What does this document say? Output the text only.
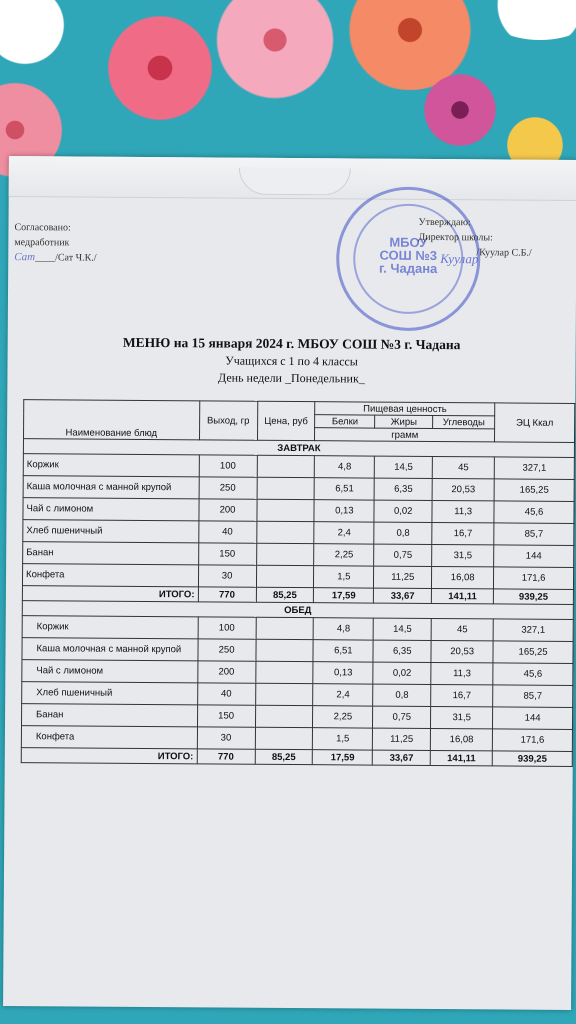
Согласовано:
медработник
Сат____/Сат Ч.К./
МБОУ
СОШ №3
г. Чадана
Куулар
Утверждаю:
Директор школы:
/Куулар С.Б./
МЕНЮ на 15 января 2024 г. МБОУ СОШ №3 г. Чадана
Учащихся с 1 по 4 классы
День недели _Понедельник_
Наименование блюд	Выход, гр	Цена, руб	Пищевая ценность			ЭЦ Ккал
			Белки	Жиры	Углеводы	
			грамм			
ЗАВТРАК						
Коржик	100		4,8	14,5	45	327,1
Каша молочная с манной крупой	250		6,51	6,35	20,53	165,25
Чай с лимоном	200		0,13	0,02	11,3	45,6
Хлеб пшеничный	40		2,4	0,8	16,7	85,7
Банан	150		2,25	0,75	31,5	144
Конфета	30		1,5	11,25	16,08	171,6
ИТОГО:	770	85,25	17,59	33,67	141,11	939,25
ОБЕД						
Коржик	100		4,8	14,5	45	327,1
Каша молочная с манной крупой	250		6,51	6,35	20,53	165,25
Чай с лимоном	200		0,13	0,02	11,3	45,6
Хлеб пшеничный	40		2,4	0,8	16,7	85,7
Банан	150		2,25	0,75	31,5	144
Конфета	30		1,5	11,25	16,08	171,6
ИТОГО:	770	85,25	17,59	33,67	141,11	939,25
